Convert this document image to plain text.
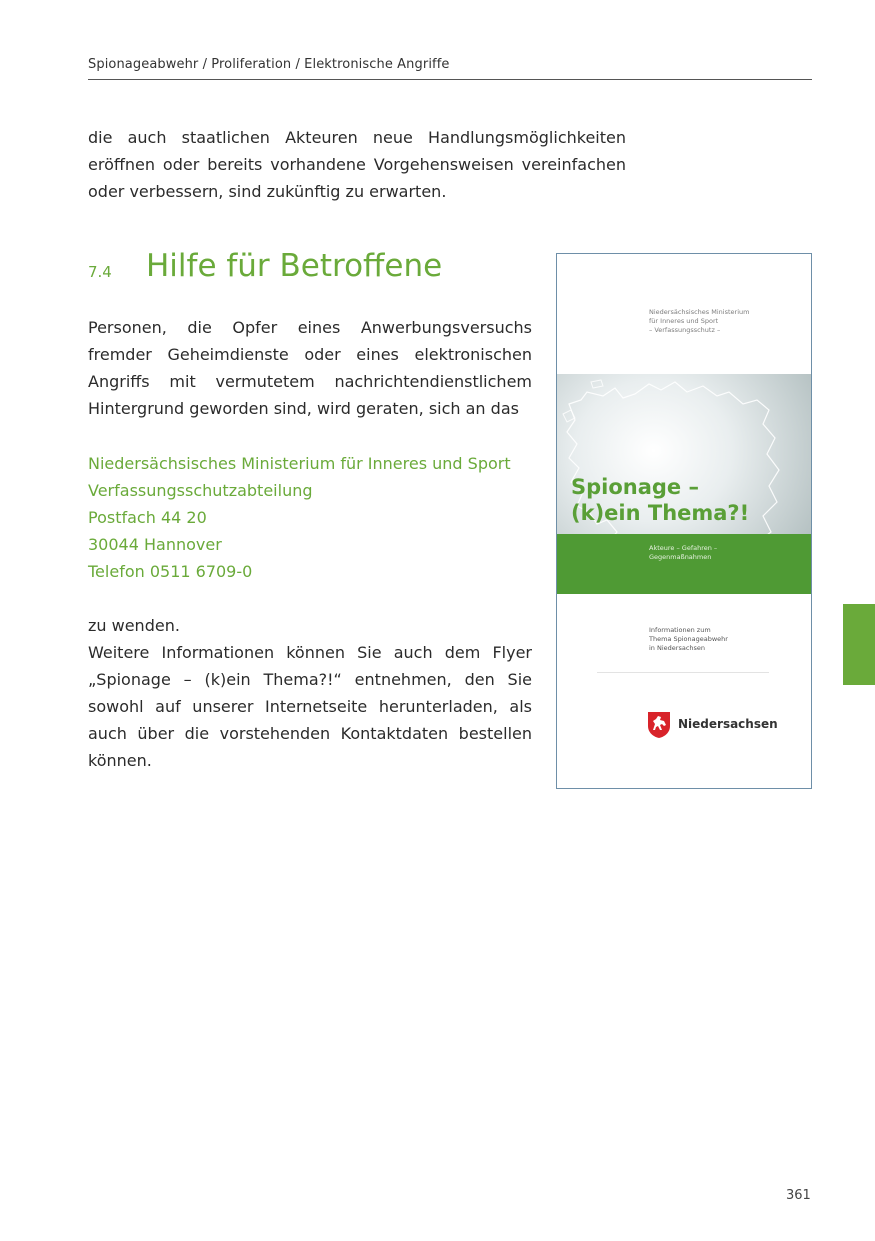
Spionageabwehr / Proliferation / Elektronische Angriffe

die auch staatlichen Akteuren neue Handlungsmöglichkeiten eröffnen oder bereits vorhandene Vorgehensweisen vereinfachen oder verbessern, sind zukünftig zu erwarten.

7.4 Hilfe für Betroffene

Personen, die Opfer eines Anwerbungsversuchs fremder Geheimdienste oder eines elektronischen Angriffs mit vermutetem nachrichtendienstlichem Hintergrund geworden sind, wird geraten, sich an das

Niedersächsisches Ministerium für Inneres und Sport
Verfassungsschutzabteilung
Postfach 44 20
30044 Hannover
Telefon 0511 6709-0

zu wenden.
Weitere Informationen können Sie auch dem Flyer „Spionage – (k)ein Thema?!“ entnehmen, den Sie sowohl auf unserer Internetseite herunterladen, als auch über die vorstehenden Kontaktdaten bestellen können.

Niedersächsisches Ministerium
für Inneres und Sport
– Verfassungsschutz –
Spionage –
(k)ein Thema?!
Akteure – Gefahren –
Gegenmaßnahmen
Informationen zum
Thema Spionageabwehr
in Niedersachsen
Niedersachsen
361
